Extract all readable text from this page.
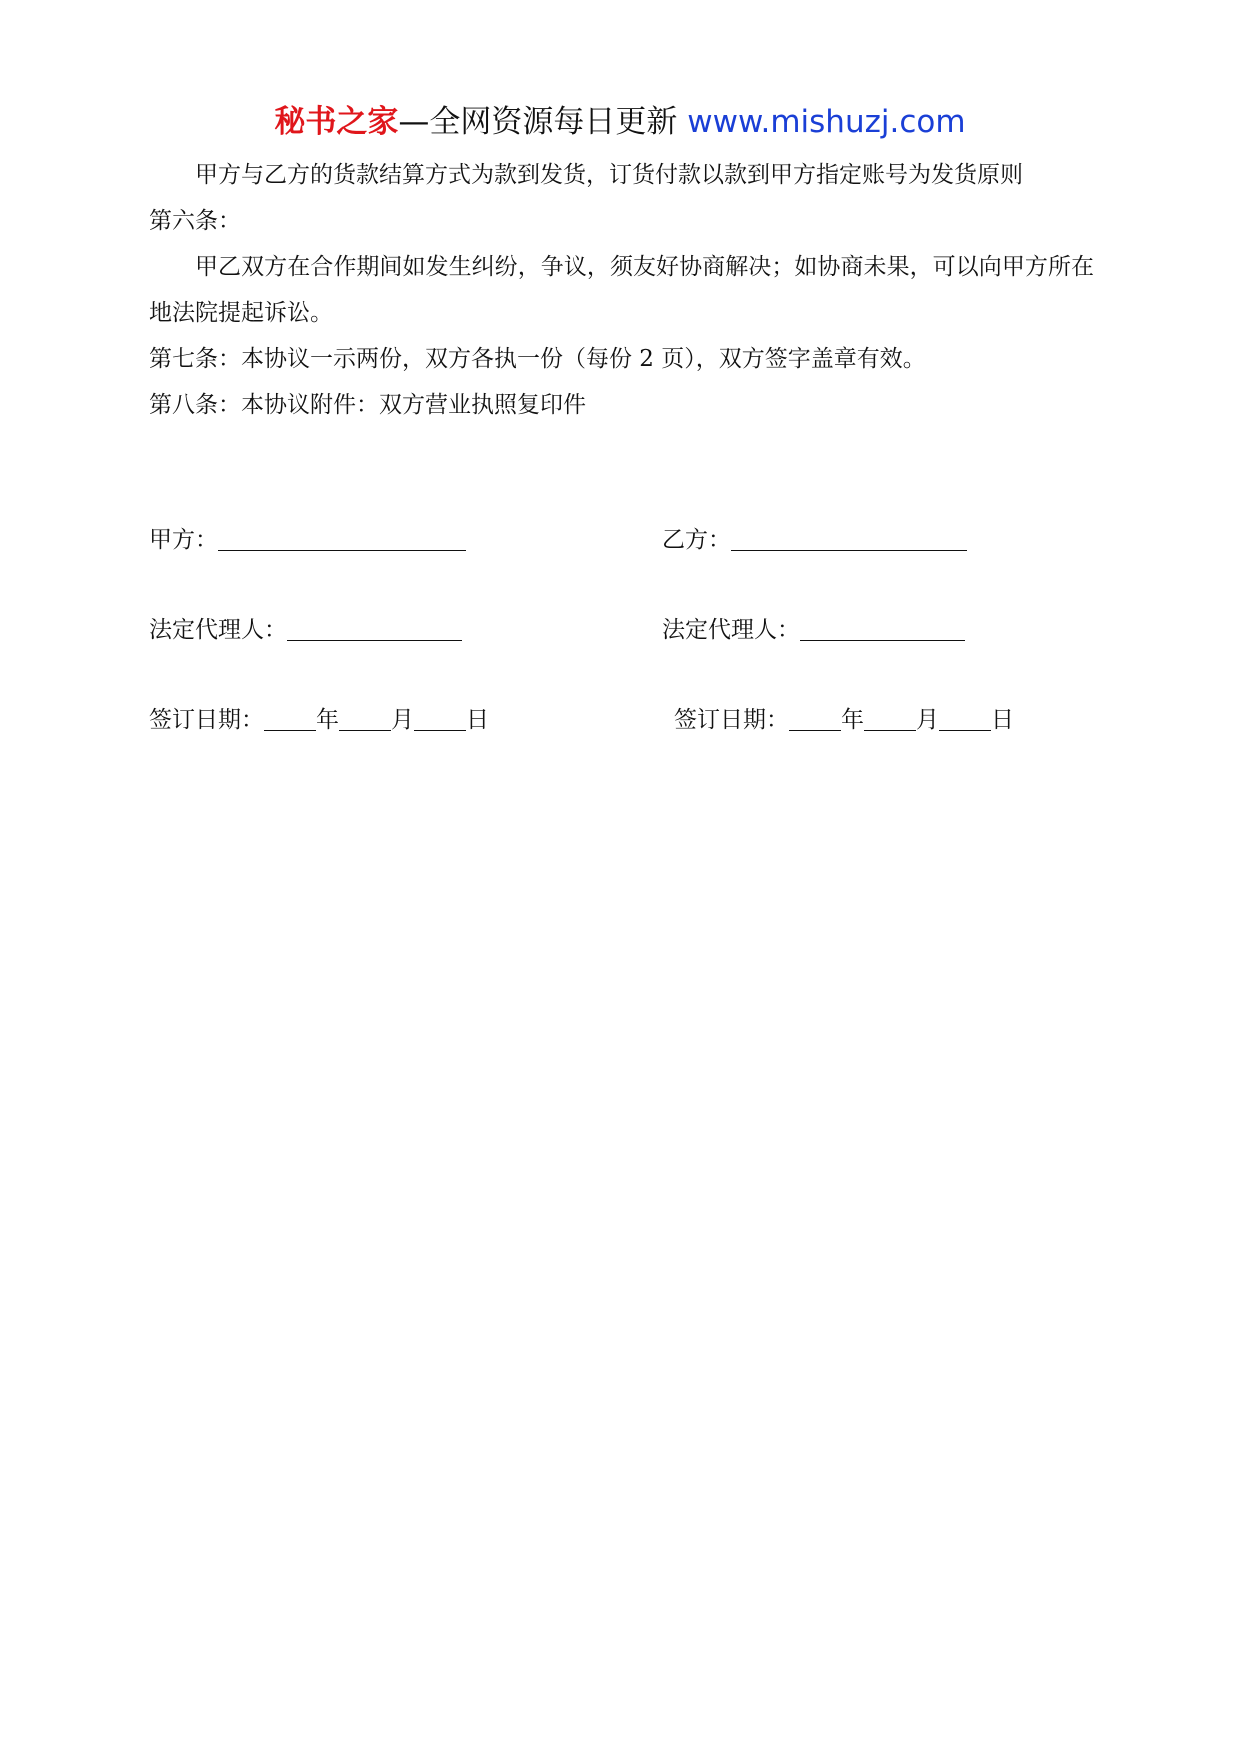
秘书之家—全网资源每日更新 www.mishuzj.com

甲方与乙方的货款结算方式为款到发货，订货付款以款到甲方指定账号为发货原则

第六条：

甲乙双方在合作期间如发生纠纷，争议，须友好协商解决；如协商未果，可以向甲方所在地法院提起诉讼。

第七条：本协议一示两份，双方各执一份（每份 2 页），双方签字盖章有效。

第八条：本协议附件：双方营业执照复印件

甲方：	乙方：
法定代理人：	法定代理人：
签订日期： 年 月 日	签订日期： 年 月 日
